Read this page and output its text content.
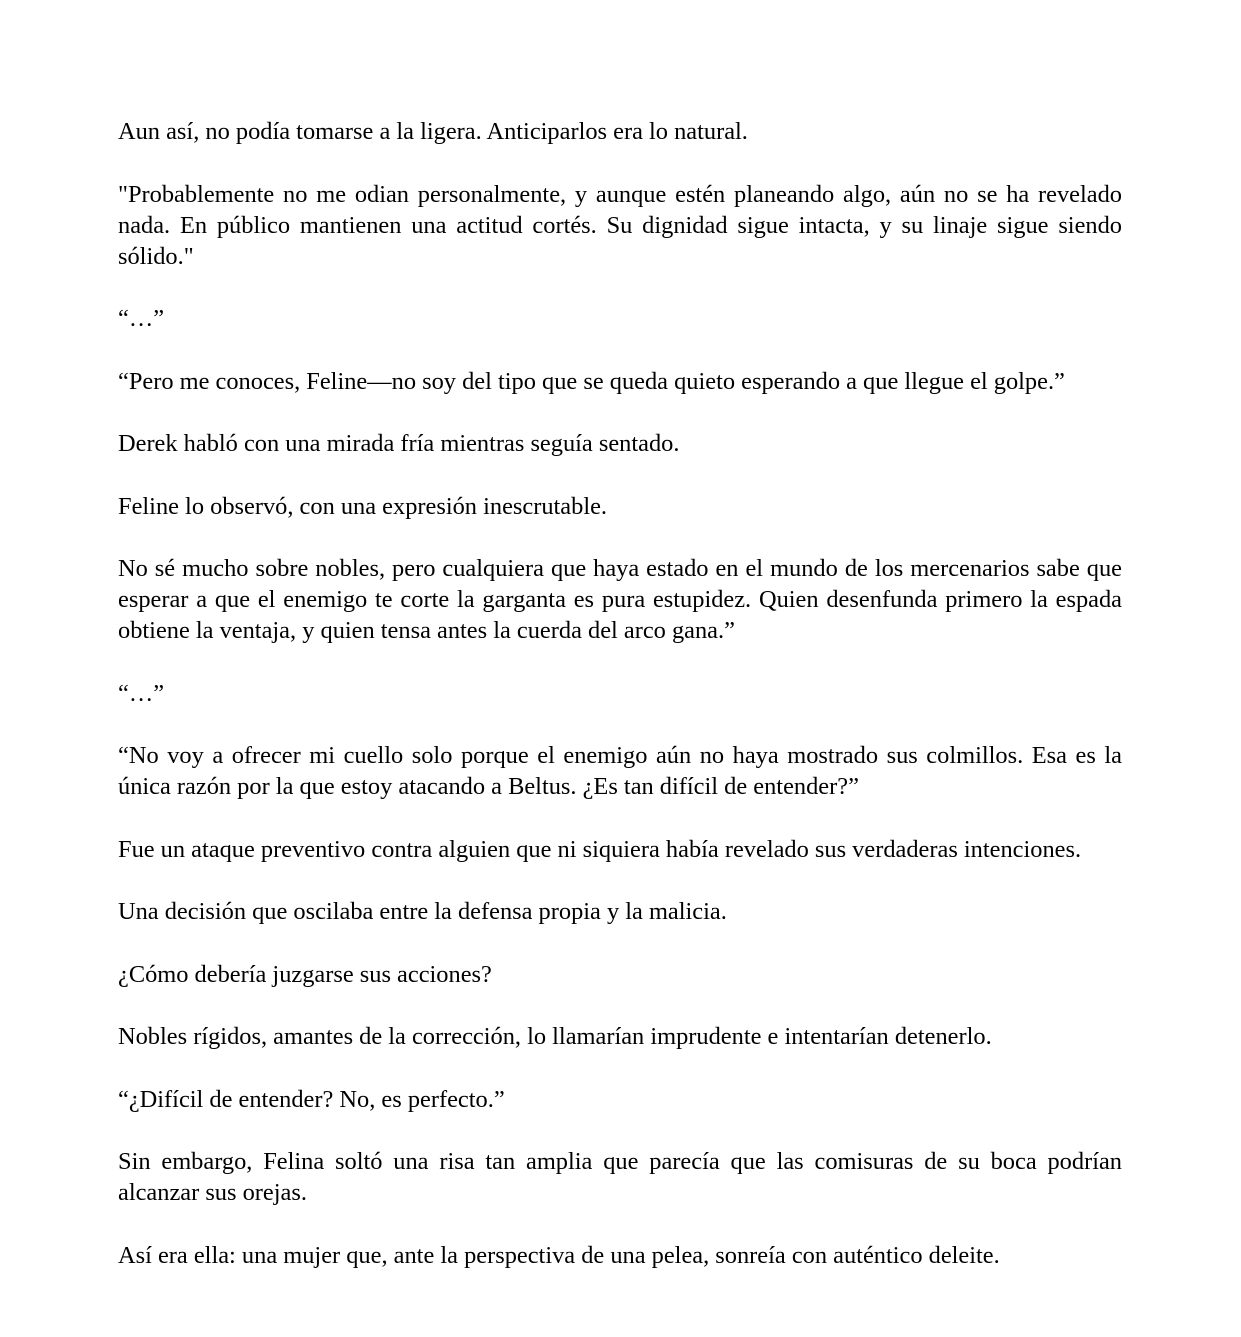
Aun así, no podía tomarse a la ligera. Anticiparlos era lo natural.

"Probablemente no me odian personalmente, y aunque estén planeando algo, aún no se ha revelado nada. En público mantienen una actitud cortés. Su dignidad sigue intacta, y su linaje sigue siendo sólido."

“…”

“Pero me conoces, Feline—no soy del tipo que se queda quieto esperando a que llegue el golpe.”

Derek habló con una mirada fría mientras seguía sentado.

Feline lo observó, con una expresión inescrutable.

No sé mucho sobre nobles, pero cualquiera que haya estado en el mundo de los mercenarios sabe que esperar a que el enemigo te corte la garganta es pura estupidez. Quien desenfunda primero la espada obtiene la ventaja, y quien tensa antes la cuerda del arco gana.”

“…”

“No voy a ofrecer mi cuello solo porque el enemigo aún no haya mostrado sus colmillos. Esa es la única razón por la que estoy atacando a Beltus. ¿Es tan difícil de entender?”

Fue un ataque preventivo contra alguien que ni siquiera había revelado sus verdaderas intenciones.

Una decisión que oscilaba entre la defensa propia y la malicia.

¿Cómo debería juzgarse sus acciones?

Nobles rígidos, amantes de la corrección, lo llamarían imprudente e intentarían detenerlo.

“¿Difícil de entender? No, es perfecto.”

Sin embargo, Felina soltó una risa tan amplia que parecía que las comisuras de su boca podrían alcanzar sus orejas.

Así era ella: una mujer que, ante la perspectiva de una pelea, sonreía con auténtico deleite.
